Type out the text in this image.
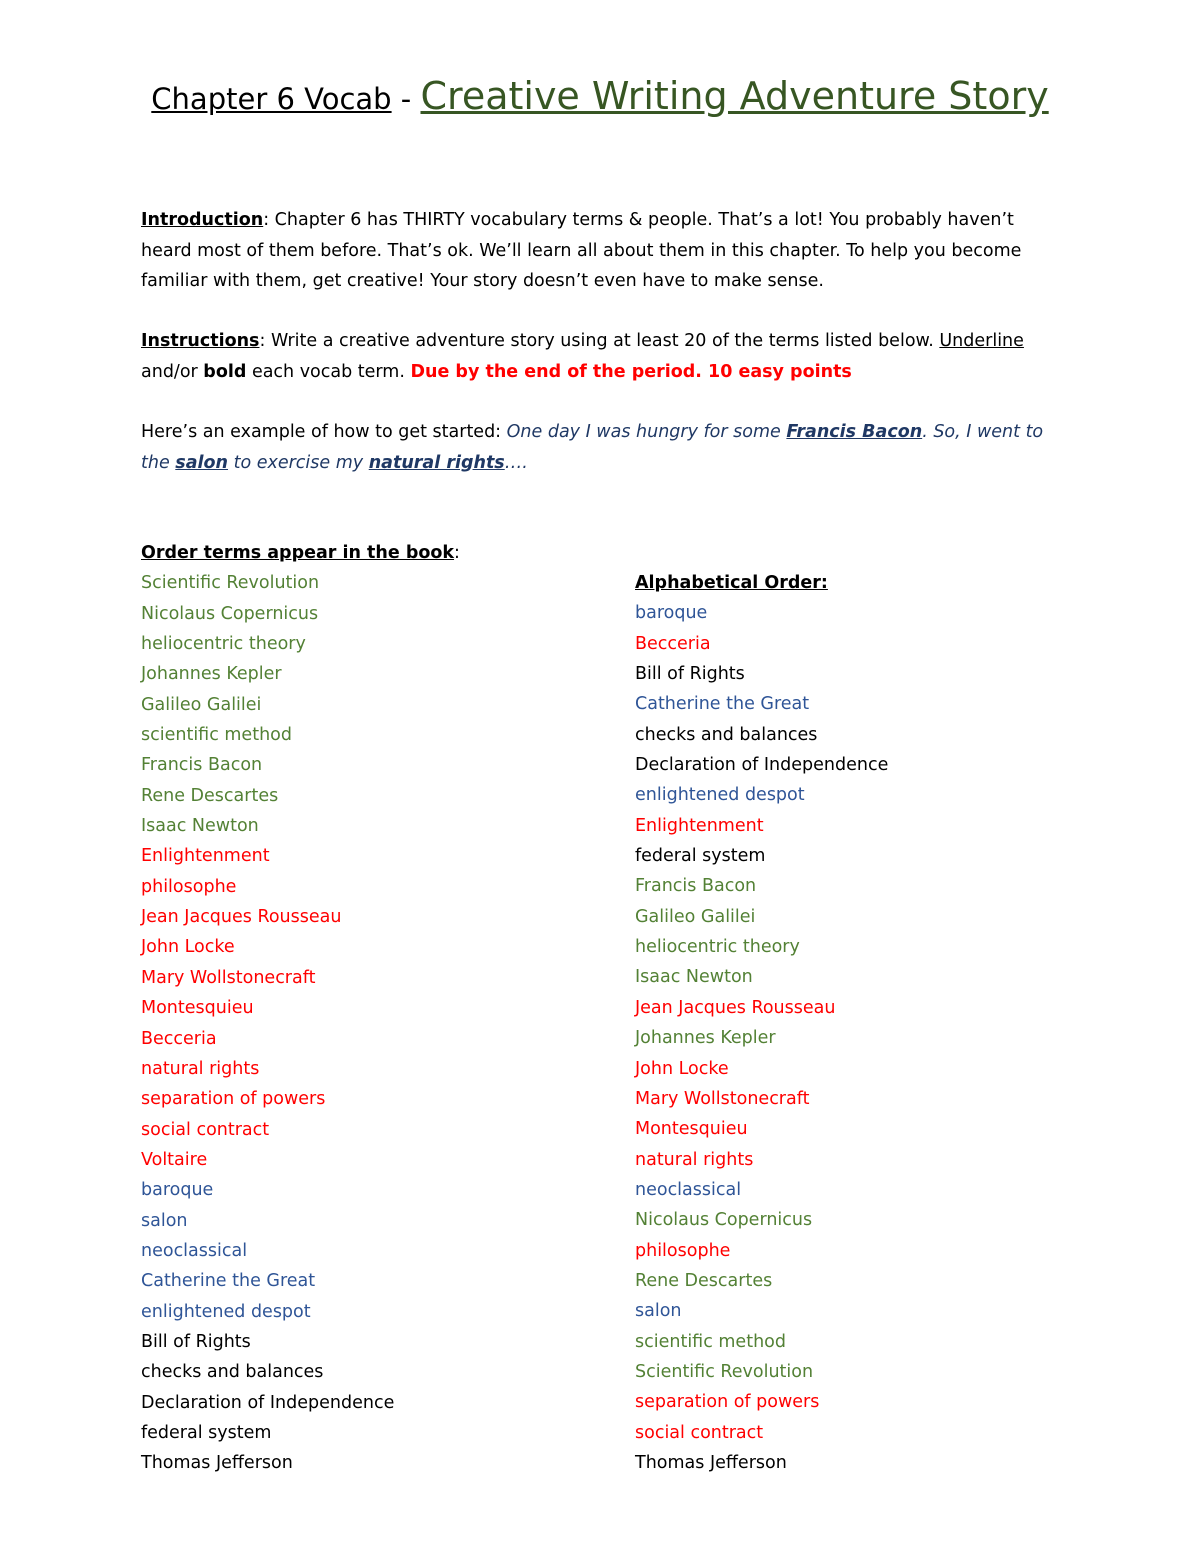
Chapter 6 Vocab - Creative Writing Adventure Story
Introduction: Chapter 6 has THIRTY vocabulary terms & people. That’s a lot! You probably haven’t heard most of them before. That’s ok. We’ll learn all about them in this chapter. To help you become familiar with them, get creative! Your story doesn’t even have to make sense.
Instructions: Write a creative adventure story using at least 20 of the terms listed below. Underline and/or bold each vocab term. Due by the end of the period. 10 easy points
Here’s an example of how to get started: One day I was hungry for some Francis Bacon. So, I went to the salon to exercise my natural rights….
Order terms appear in the book:
Scientific Revolution
Nicolaus Copernicus
heliocentric theory
Johannes Kepler
Galileo Galilei
scientific method
Francis Bacon
Rene Descartes
Isaac Newton
Enlightenment
philosophe
Jean Jacques Rousseau
John Locke
Mary Wollstonecraft
Montesquieu
Becceria
natural rights
separation of powers
social contract
Voltaire
baroque
salon
neoclassical
Catherine the Great
enlightened despot
Bill of Rights
checks and balances
Declaration of Independence
federal system
Thomas Jefferson
Alphabetical Order:
baroque
Becceria
Bill of Rights
Catherine the Great
checks and balances
Declaration of Independence
enlightened despot
Enlightenment
federal system
Francis Bacon
Galileo Galilei
heliocentric theory
Isaac Newton
Jean Jacques Rousseau
Johannes Kepler
John Locke
Mary Wollstonecraft
Montesquieu
natural rights
neoclassical
Nicolaus Copernicus
philosophe
Rene Descartes
salon
scientific method
Scientific Revolution
separation of powers
social contract
Thomas Jefferson
